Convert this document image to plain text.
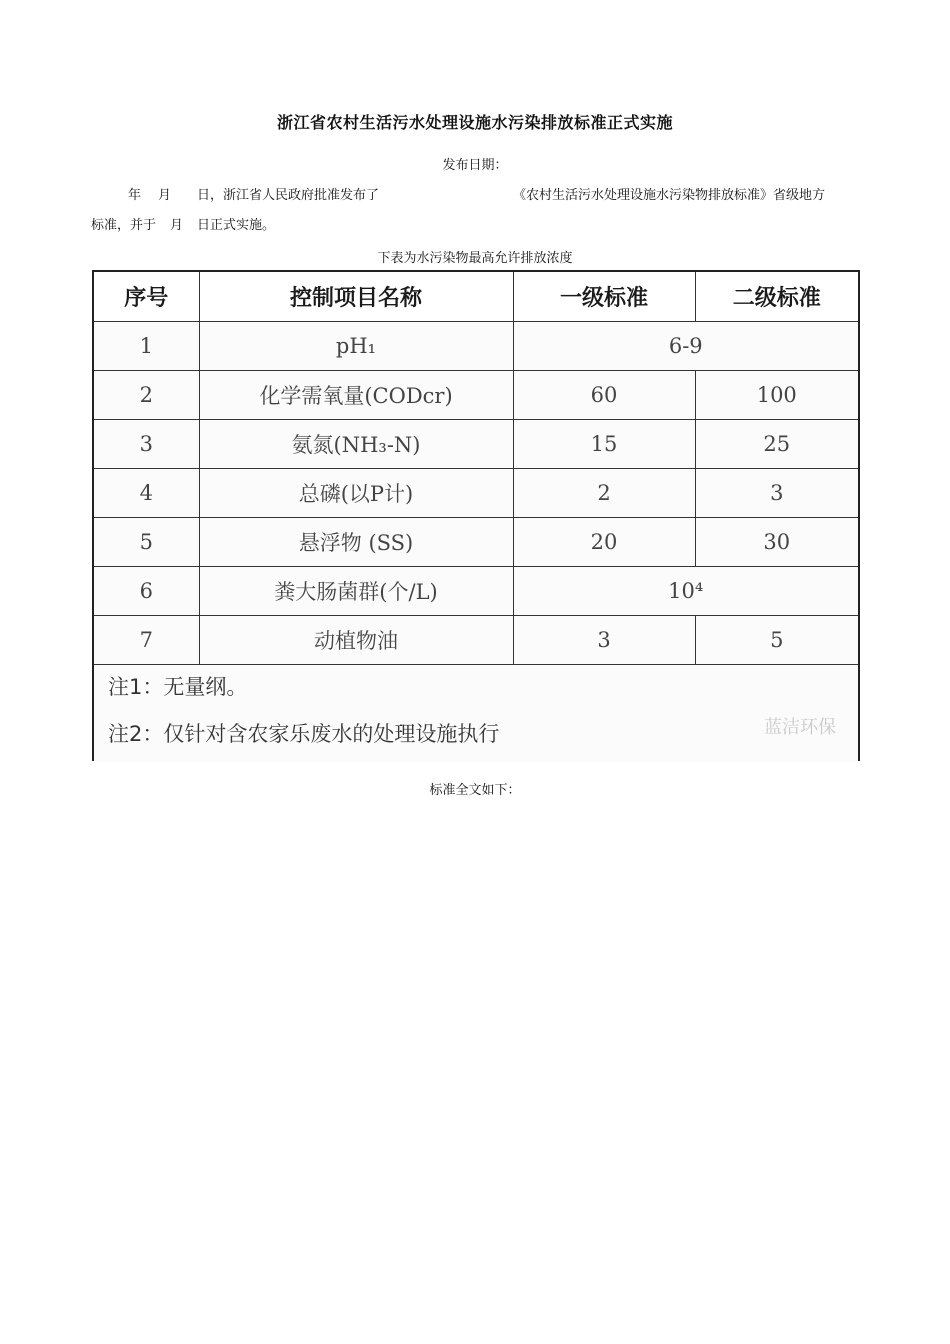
浙江省农村生活污水处理设施水污染排放标准正式实施
发布日期：
年 月 日，浙江省人民政府批准发布了	《农村生活污水处理设施水污染物排放标准》省级地方
标准，并于 月 日正式实施。
下表为水污染物最高允许排放浓度
序号	控制项目名称	一级标准	二级标准
1	pH₁	6-9	
2	化学需氧量(CODcr)	60	100
3	氨氮(NH₃-N)	15	25
4	总磷(以P计)	2	3
5	悬浮物 (SS)	20	30
6	粪大肠菌群(个/L)	10⁴	
7	动植物油	3	5
注1：无量纲。
注2：仅针对含农家乐废水的处理设施执行	蓝洁环保
标准全文如下：
